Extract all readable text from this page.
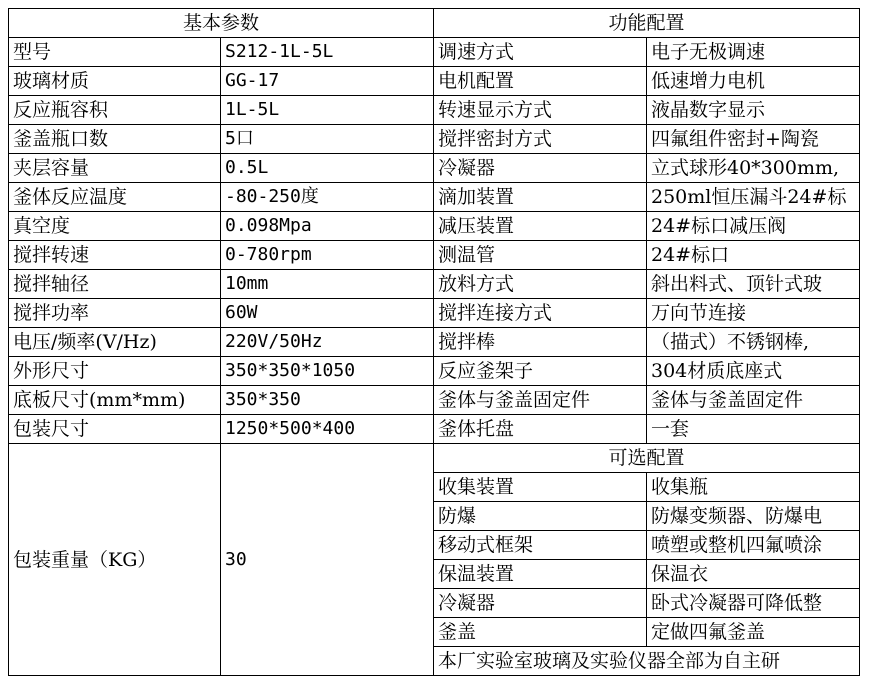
基本参数		功能配置	
型号	S212-1L-5L	调速方式	电子无极调速
玻璃材质	GG-17	电机配置	低速增力电机
反应瓶容积	1L-5L	转速显示方式	液晶数字显示
釜盖瓶口数	5口	搅拌密封方式	四氟组件密封+陶瓷
夹层容量	0.5L	冷凝器	立式球形40*300mm,
釜体反应温度	-80-250度	滴加装置	250ml恒压漏斗24#标
真空度	0.098Mpa	减压装置	24#标口减压阀
搅拌转速	0-780rpm	测温管	24#标口
搅拌轴径	10mm	放料方式	斜出料式、顶针式玻
搅拌功率	60W	搅拌连接方式	万向节连接
电压/频率(V/Hz)	220V/50Hz	搅拌棒	（描式）不锈钢棒,
外形尺寸	350*350*1050	反应釜架子	304材质底座式
底板尺寸(mm*mm)	350*350	釜体与釜盖固定件	釜体与釜盖固定件
包装尺寸	1250*500*400	釜体托盘	一套
包装重量（KG）	30	可选配置	
		收集装置	收集瓶
		防爆	防爆变频器、防爆电
		移动式框架	喷塑或整机四氟喷涂
		保温装置	保温衣
		冷凝器	卧式冷凝器可降低整
		釜盖	定做四氟釜盖
		本厂实验室玻璃及实验仪器全部为自主研	
